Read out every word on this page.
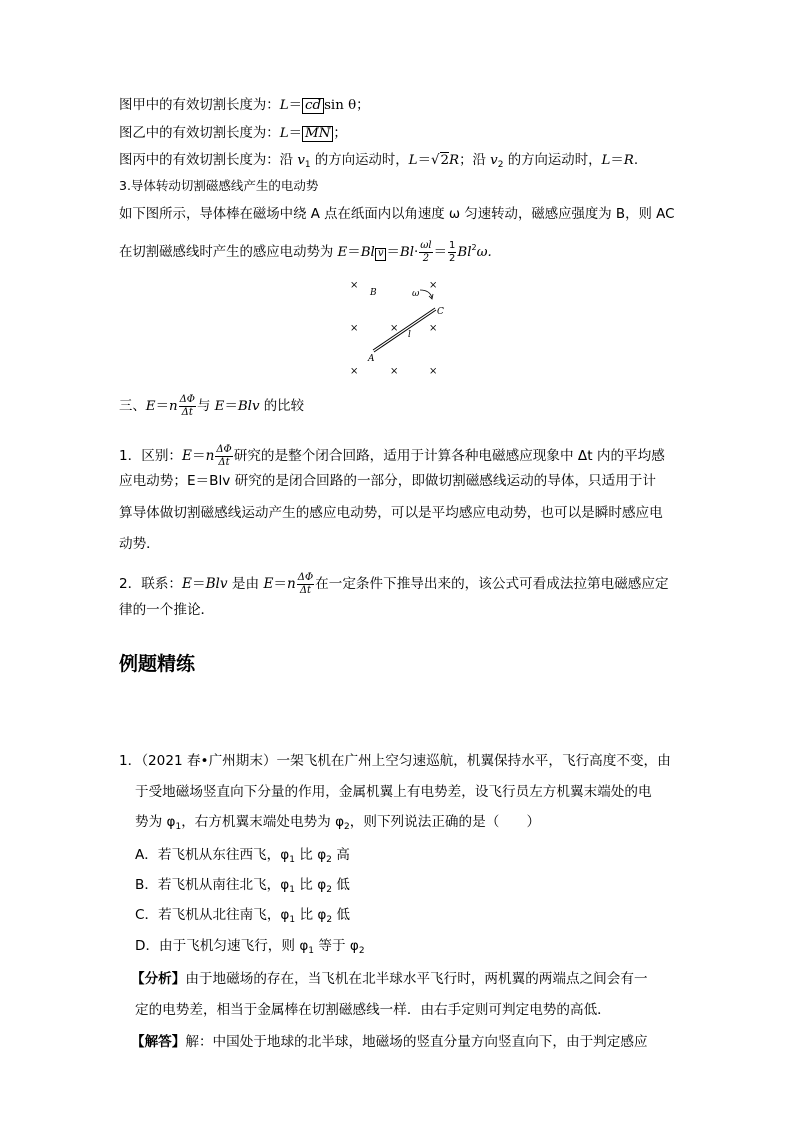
图甲中的有效切割长度为：L＝ cd sin θ；
图乙中的有效切割长度为：L＝ MN ；
图丙中的有效切割长度为：沿 $v_1$ 的方向运动时，L＝√2R；沿 $v_2$ 的方向运动时，L＝R.
3.导体转动切割磁感线产生的电动势
如下图所示，导体棒在磁场中绕 A 点在纸面内以角速度 ω 匀速转动，磁感应强度为 B，则 AC
在切割磁感线时产生的感应电动势为 E＝Bl v̄ $=Bl\cdot \frac{\omega l}{2} = \frac{1}{2} Bl^2\omega$.
×
×
×
×
×
×
×
×
B	ω
C
l
A
三、$E=n \frac{\Delta\Phi}{\Delta t}$ 与 E＝Blv 的比较
1．区别：$E=n \frac{\Delta\Phi}{\Delta t}$ 研究的是整个闭合回路，适用于计算各种电磁感应现象中 Δt 内的平均感
应电动势；E＝Blv 研究的是闭合回路的一部分，即做切割磁感线运动的导体，只适用于计
算导体做切割磁感线运动产生的感应电动势，可以是平均感应电动势，也可以是瞬时感应电
动势．
2．联系：E＝Blv 是由 $E=n \frac{\Delta\Phi}{\Delta t}$ 在一定条件下推导出来的，该公式可看成法拉第电磁感应定
律的一个推论．
例题精练
1．（2021 春•广州期末）一架飞机在广州上空匀速巡航，机翼保持水平，飞行高度不变，由
于受地磁场竖直向下分量的作用，金属机翼上有电势差，设飞行员左方机翼末端处的电
势为 $\varphi_1$，右方机翼末端处电势为 $\varphi_2$，则下列说法正确的是（　　）
A．若飞机从东往西飞，$\varphi_1$ 比 $\varphi_2$ 高
B．若飞机从南往北飞，$\varphi_1$ 比 $\varphi_2$ 低
C．若飞机从北往南飞，$\varphi_1$ 比 $\varphi_2$ 低
D．由于飞机匀速飞行，则 $\varphi_1$ 等于 $\varphi_2$
【分析】由于地磁场的存在，当飞机在北半球水平飞行时，两机翼的两端点之间会有一
定的电势差，相当于金属棒在切割磁感线一样．由右手定则可判定电势的高低．
【解答】解：中国处于地球的北半球，地磁场的竖直分量方向竖直向下，由于判定感应
